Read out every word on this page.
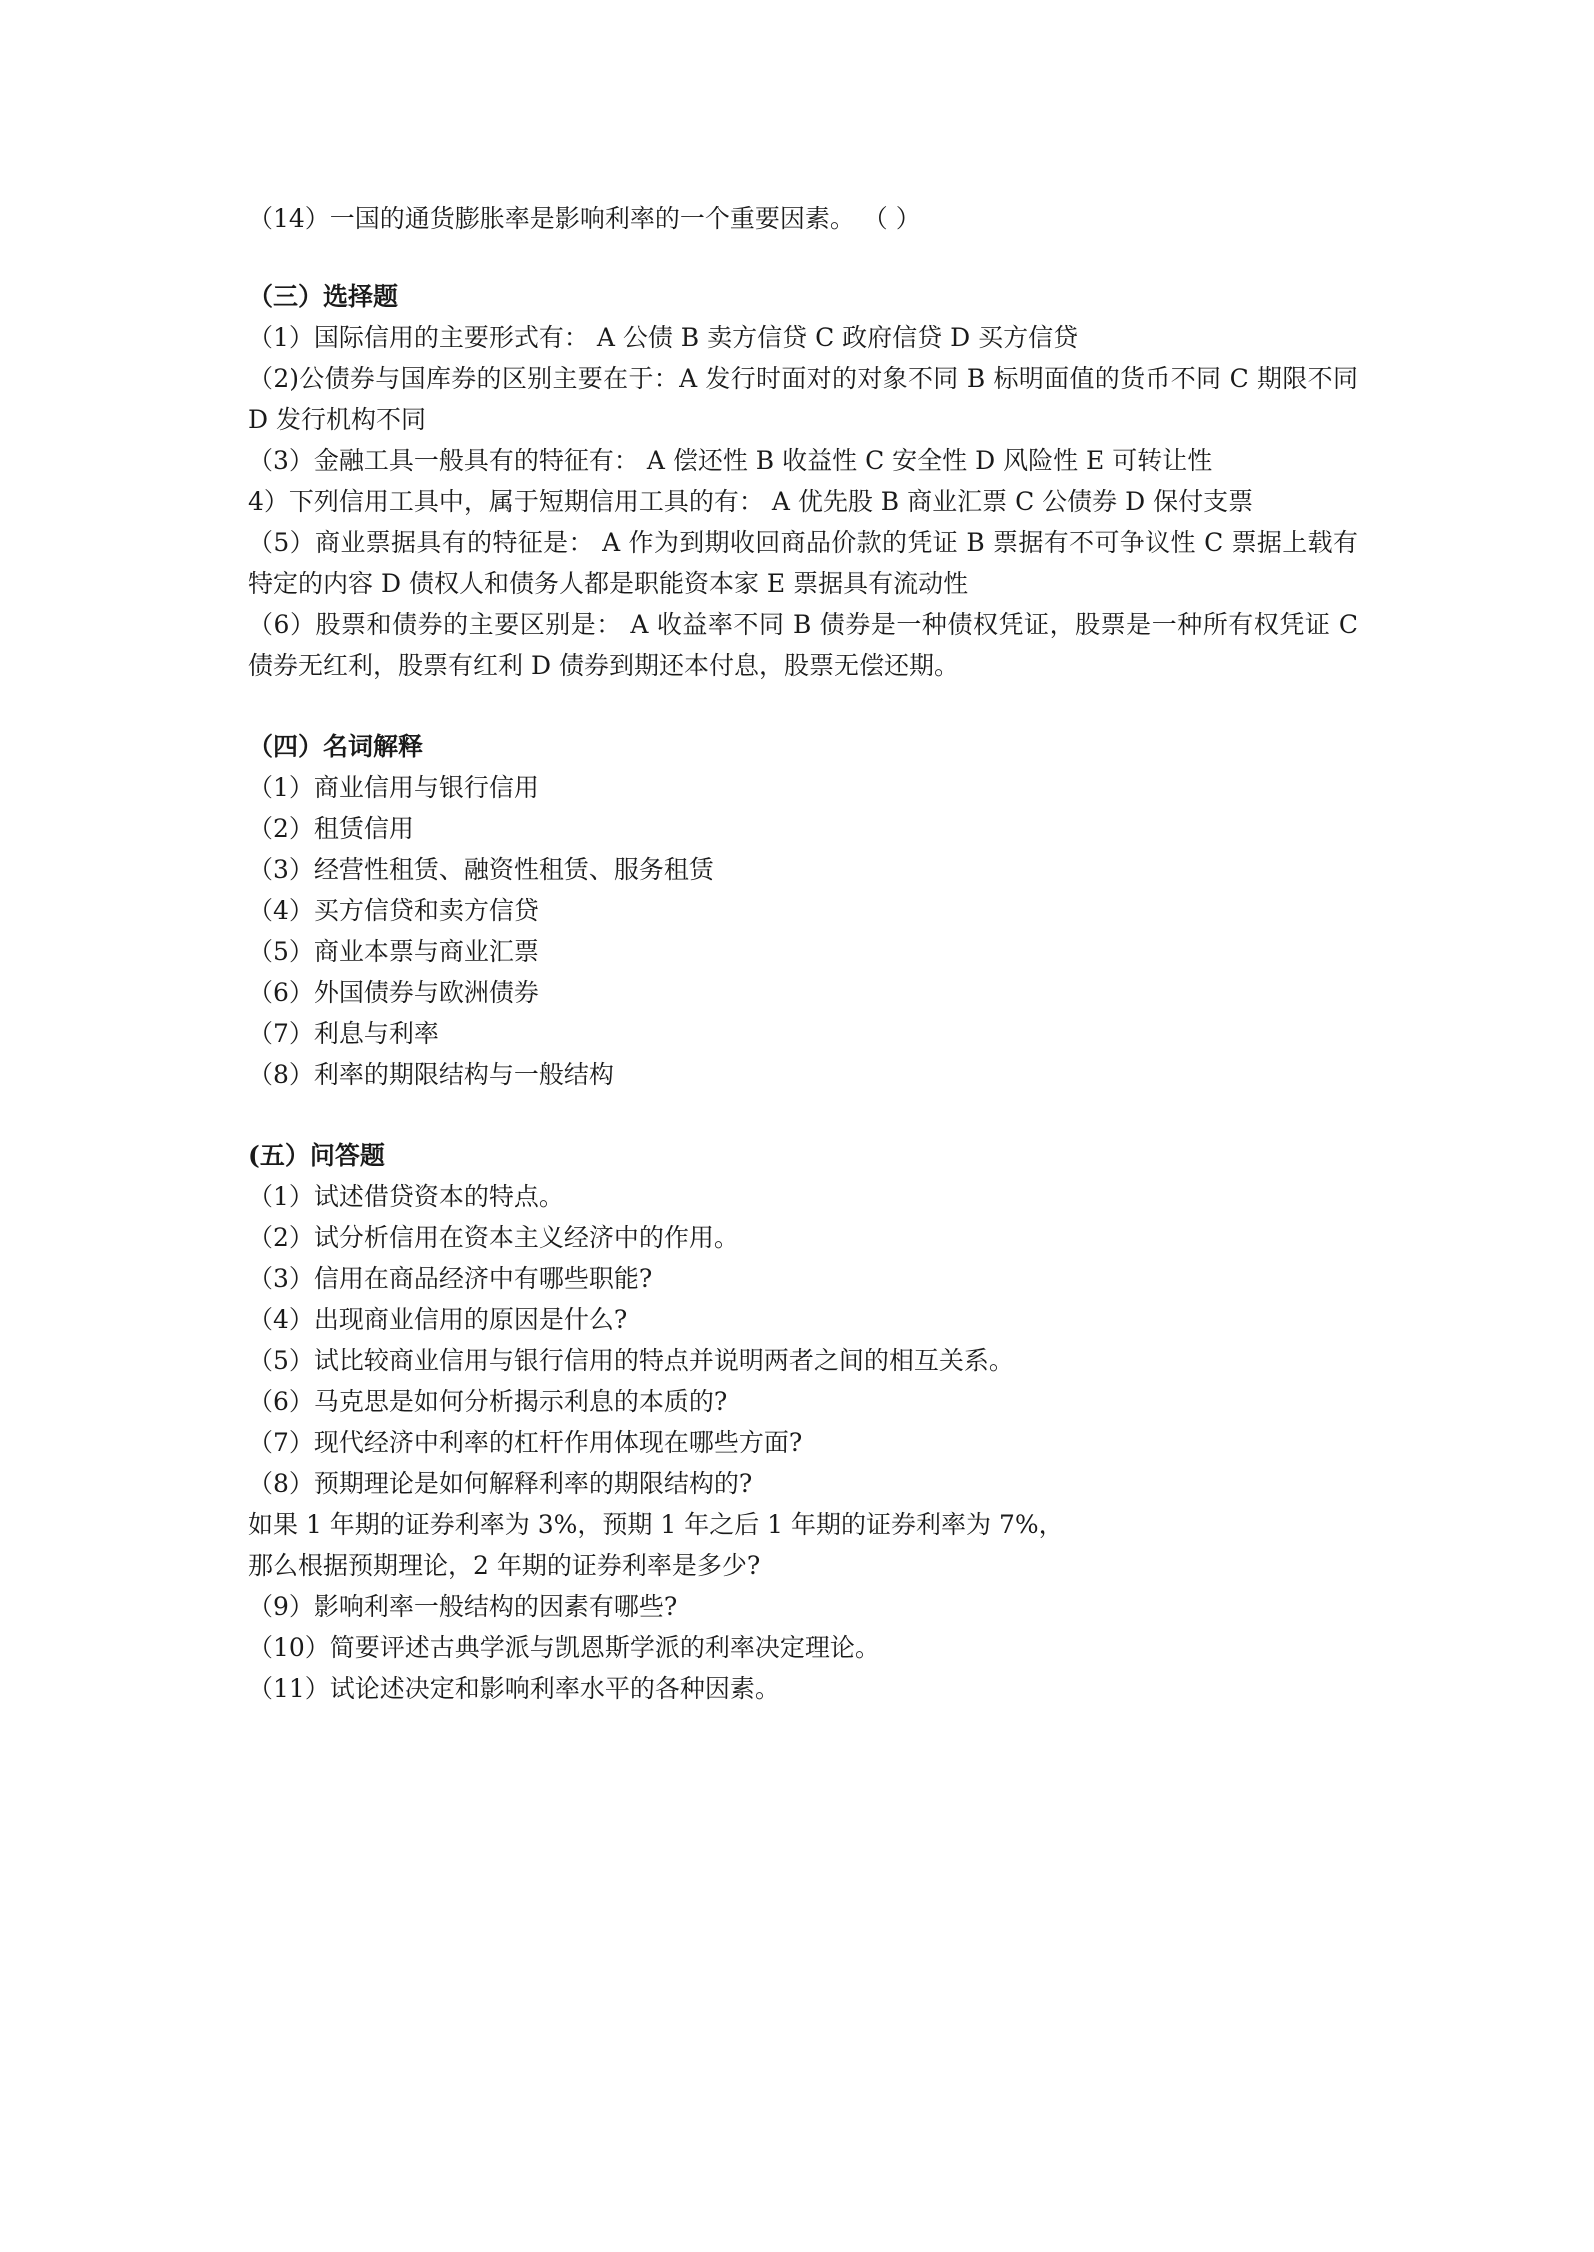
（14）一国的通货膨胀率是影响利率的一个重要因素。 （ ）
（三）选择题
（1）国际信用的主要形式有： A 公债 B 卖方信贷 C 政府信贷 D 买方信贷
（2)公债券与国库券的区别主要在于：A 发行时面对的对象不同 B 标明面值的货币不同 C 期限不同 D 发行机构不同
（3）金融工具一般具有的特征有： A 偿还性 B 收益性 C 安全性 D 风险性 E 可转让性
4）下列信用工具中，属于短期信用工具的有： A 优先股 B 商业汇票 C 公债券 D 保付支票
（5）商业票据具有的特征是： A 作为到期收回商品价款的凭证 B 票据有不可争议性 C 票据上载有特定的内容 D 债权人和债务人都是职能资本家 E 票据具有流动性
（6）股票和债券的主要区别是： A 收益率不同 B 债券是一种债权凭证，股票是一种所有权凭证 C 债券无红利，股票有红利 D 债券到期还本付息，股票无偿还期。
（四）名词解释
（1）商业信用与银行信用
（2）租赁信用
（3）经营性租赁、融资性租赁、服务租赁
（4）买方信贷和卖方信贷
（5）商业本票与商业汇票
（6）外国债券与欧洲债券
（7）利息与利率
（8）利率的期限结构与一般结构
(五）问答题
（1）试述借贷资本的特点。
（2）试分析信用在资本主义经济中的作用。
（3）信用在商品经济中有哪些职能?
（4）出现商业信用的原因是什么?
（5）试比较商业信用与银行信用的特点并说明两者之间的相互关系。
（6）马克思是如何分析揭示利息的本质的?
（7）现代经济中利率的杠杆作用体现在哪些方面?
（8）预期理论是如何解释利率的期限结构的?
如果 1 年期的证券利率为 3%，预期 1 年之后 1 年期的证券利率为 7%，
那么根据预期理论，2 年期的证券利率是多少?
（9）影响利率一般结构的因素有哪些?
（10）简要评述古典学派与凯恩斯学派的利率决定理论。
（11）试论述决定和影响利率水平的各种因素。
